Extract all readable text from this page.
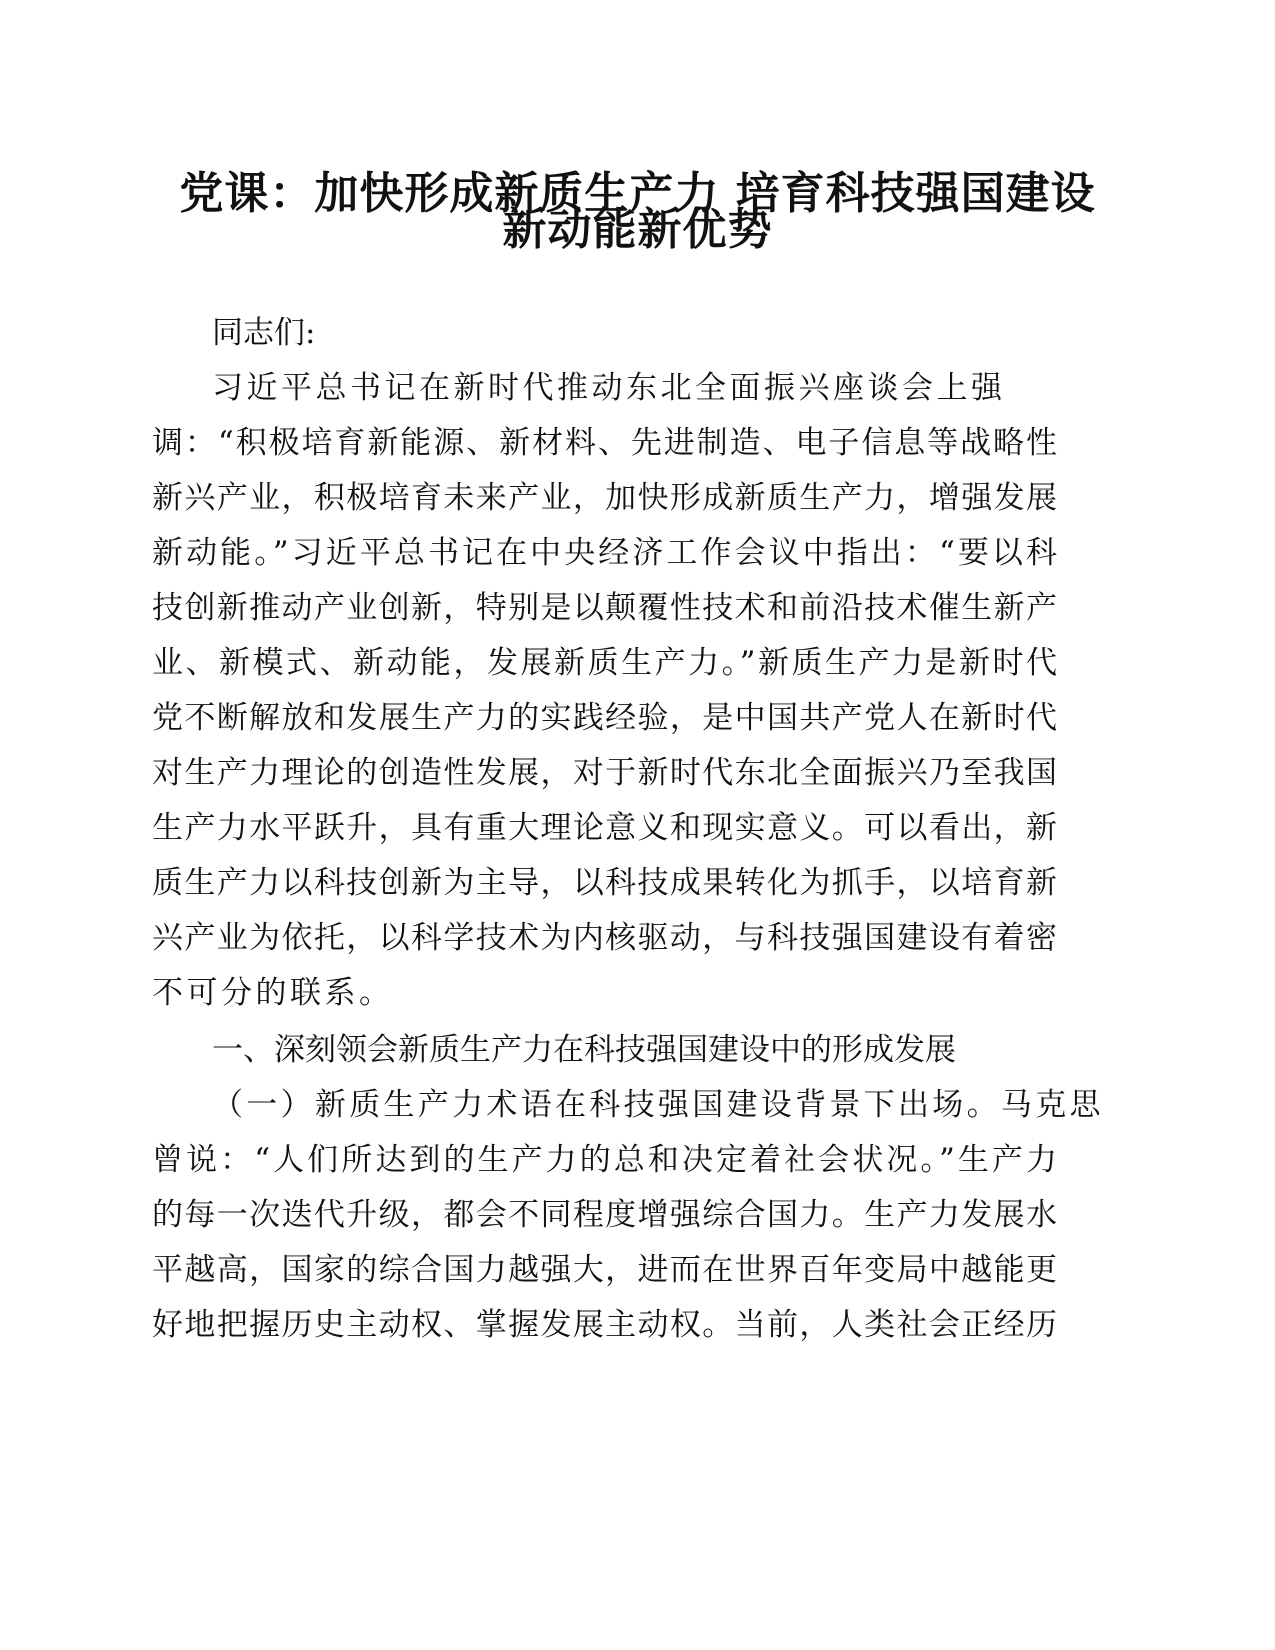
党课：加快形成新质生产力 培育科技强国建设
新动能新优势

同志们:

习近平总书记在新时代推动东北全面振兴座谈会上强

调：“积极培育新能源、新材料、先进制造、电子信息等战略性

新兴产业，积极培育未来产业，加快形成新质生产力，增强发展

新动能。”习近平总书记在中央经济工作会议中指出：“要以科

技创新推动产业创新，特别是以颠覆性技术和前沿技术催生新产

业、新模式、新动能，发展新质生产力。”新质生产力是新时代

党不断解放和发展生产力的实践经验，是中国共产党人在新时代

对生产力理论的创造性发展，对于新时代东北全面振兴乃至我国

生产力水平跃升，具有重大理论意义和现实意义。可以看出，新

质生产力以科技创新为主导，以科技成果转化为抓手，以培育新

兴产业为依托，以科学技术为内核驱动，与科技强国建设有着密

不可分的联系。

一、深刻领会新质生产力在科技强国建设中的形成发展

（一）新质生产力术语在科技强国建设背景下出场。马克思

曾说：“人们所达到的生产力的总和决定着社会状况。”生产力

的每一次迭代升级，都会不同程度增强综合国力。生产力发展水

平越高，国家的综合国力越强大，进而在世界百年变局中越能更

好地把握历史主动权、掌握发展主动权。当前，人类社会正经历
